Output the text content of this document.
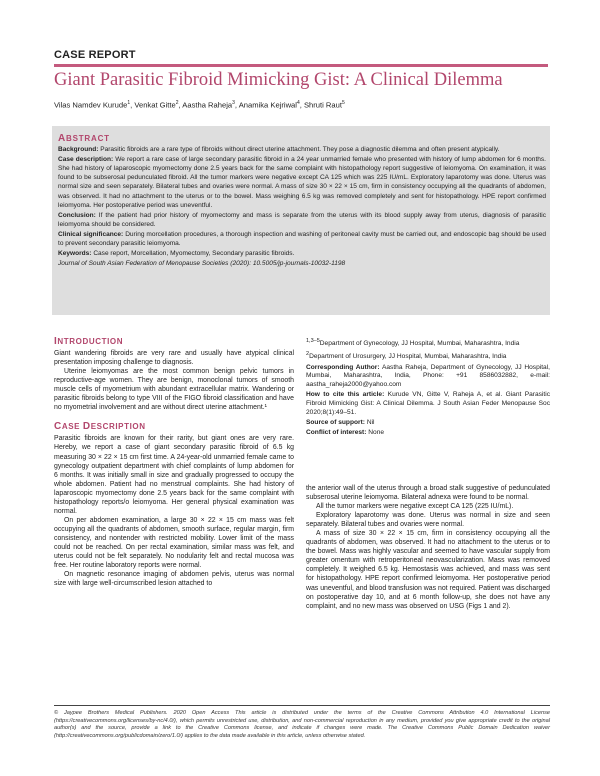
CASE REPORT
Giant Parasitic Fibroid Mimicking Gist: A Clinical Dilemma
Vilas Namdev Kurude$^1$, Venkat Gitte$^2$, Aastha Raheja$^3$, Anamika Kejriwal$^4$, Shruti Raut$^5$
ABSTRACT

Background: Parasitic fibroids are a rare type of fibroids without direct uterine attachment. They pose a diagnostic dilemma and often present atypically.

Case description: We report a rare case of large secondary parasitic fibroid in a 24 year unmarried female who presented with history of lump abdomen for 6 months. She had history of laparoscopic myomectomy done 2.5 years back for the same complaint with histopathology report suggestive of leiomyoma. On examination, it was found to be subserosal pedunculated fibroid. All the tumor markers were negative except CA 125 which was 225 IU/mL. Exploratory laparotomy was done. Uterus was normal size and seen separately. Bilateral tubes and ovaries were normal. A mass of size 30 × 22 × 15 cm, firm in consistency occupying all the quadrants of abdomen, was observed. It had no attachment to the uterus or to the bowel. Mass weighing 6.5 kg was removed completely and sent for histopathology. HPE report confirmed leiomyoma. Her postoperative period was uneventful.

Conclusion: If the patient had prior history of myomectomy and mass is separate from the uterus with its blood supply away from uterus, diagnosis of parasitic leiomyoma should be considered.

Clinical significance: During morcellation procedures, a thorough inspection and washing of peritoneal cavity must be carried out, and endoscopic bag should be used to prevent secondary parasitic leiomyoma.

Keywords: Case report, Morcellation, Myomectomy, Secondary parasitic fibroids.

Journal of South Asian Federation of Menopause Societies (2020): 10.5005/jp-journals-10032-1198

INTRODUCTION

Giant wandering fibroids are very rare and usually have atypical clinical presentation imposing challenge to diagnosis.

Uterine leiomyomas are the most common benign pelvic tumors in reproductive-age women. They are benign, monoclonal tumors of smooth muscle cells of myometrium with abundant extracellular matrix. Wandering or parasitic fibroids belong to type VIII of the FIGO fibroid classification and have no myometrial involvement and are without direct uterine attachment.¹

CASE DESCRIPTION

Parasitic fibroids are known for their rarity, but giant ones are very rare. Hereby, we report a case of giant secondary parasitic fibroid of 6.5 kg measuring 30 × 22 × 15 cm first time. A 24-year-old unmarried female came to gynecology outpatient department with chief complaints of lump abdomen for 6 months. It was initially small in size and gradually progressed to occupy the whole abdomen. Patient had no menstrual complaints. She had history of laparoscopic myomectomy done 2.5 years back for the same complaint with histopathology reports/o leiomyoma. Her general physical examination was normal.

On per abdomen examination, a large 30 × 22 × 15 cm mass was felt occupying all the quadrants of abdomen, smooth surface, regular margin, firm consistency, and nontender with restricted mobility. Lower limit of the mass could not be reached. On per rectal examination, similar mass was felt, and uterus could not be felt separately. No nodularity felt and rectal mucosa was free. Her routine laboratory reports were normal.

On magnetic resonance imaging of abdomen pelvis, uterus was normal size with large well-circumscribed lesion attached to

$^{1,3-5}$Department of Gynecology, JJ Hospital, Mumbai, Maharashtra, India

$^2$Department of Urosurgery, JJ Hospital, Mumbai, Maharashtra, India

Corresponding Author: Aastha Raheja, Department of Gynecology, JJ Hospital, Mumbai, Maharashtra, India, Phone: +91 8586032882, e-mail: aastha_raheja2000@yahoo.com

How to cite this article: Kurude VN, Gitte V, Raheja A, et al. Giant Parasitic Fibroid Mimicking Gist: A Clinical Dilemma. J South Asian Feder Menopause Soc 2020;8(1):49–51.

Source of support: Nil

Conflict of interest: None

the anterior wall of the uterus through a broad stalk suggestive of pedunculated subserosal uterine leiomyoma. Bilateral adnexa were found to be normal.

All the tumor markers were negative except CA 125 (225 IU/mL).

Exploratory laparotomy was done. Uterus was normal in size and seen separately. Bilateral tubes and ovaries were normal.

A mass of size 30 × 22 × 15 cm, firm in consistency occupying all the quadrants of abdomen, was observed. It had no attachment to the uterus or to the bowel. Mass was highly vascular and seemed to have vascular supply from greater omentum with retroperitoneal neovascularization. Mass was removed completely. It weighed 6.5 kg. Hemostasis was achieved, and mass was sent for histopathology. HPE report confirmed leiomyoma. Her postoperative period was uneventful, and blood transfusion was not required. Patient was discharged on postoperative day 10, and at 6 month follow-up, she does not have any complaint, and no new mass was observed on USG (Figs 1 and 2).

© Jaypee Brothers Medical Publishers. 2020 Open Access This article is distributed under the terms of the Creative Commons Attribution 4.0 International License (https://creativecommons.org/licenses/by-nc/4.0/), which permits unrestricted use, distribution, and non-commercial reproduction in any medium, provided you give appropriate credit to the original author(s) and the source, provide a link to the Creative Commons license, and indicate if changes were made. The Creative Commons Public Domain Dedication waiver (http://creativecommons.org/publicdomain/zero/1.0/) applies to the data made available in this article, unless otherwise stated.
